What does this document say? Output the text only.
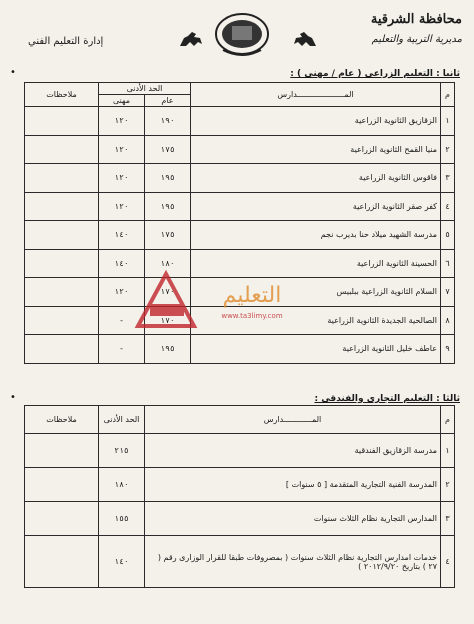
محافظة الشرقية
مديرية التربية والتعليم
إدارة التعليم الفني
ثانيا : التعليم الزراعى ( عام / مهنى ) :
•
م	المــــــــــــــــــــدارس	الحد الأدنى		ملاحظات
		عام	مهنى	
١	الزقازيق الثانوية الزراعية	١٩٠	١٢٠	
٢	منيا القمح الثانوية الزراعية	١٧٥	١٢٠	
٣	فاقوس الثانوية الزراعية	١٩٥	١٢٠	
٤	كفر صقر الثانوية الزراعية	١٩٥	١٢٠	
٥	مدرسة الشهيد ميلاد حنا بديرب نجم	١٧٥	١٤٠	
٦	الحسينة الثانوية الزراعية	١٨٠	١٤٠	
٧	السلام الثانوية الزراعية ببلبيس	١٧٠	١٢٠	
٨	الصالحية الجديدة الثانوية الزراعية	١٧٠	-	
٩	عاطف خليل الثانوية الزراعية	١٩٥	-	
ثالثا : التعليم التجارى والفندقى :
•
م	المــــــــــــدارس	الحد الأدنى	ملاحظات
١	مدرسة الزقازيق الفندقية	٢١٥	
٢	المدرسة الفنية التجارية المتقدمة [ ٥ سنوات ]	١٨٠	
٣	المدارس التجارية نظام الثلاث سنوات	١٥٥	
٤	خدمات امدارس التجارية نظام الثلاث سنوات ( بمصروفات طبقا للقرار الوزارى رقم ( ٢٧ ) بتاريخ ٢٠١٢/٩/٢٠ )	١٤٠	
التعليم
www.ta3limy.com
